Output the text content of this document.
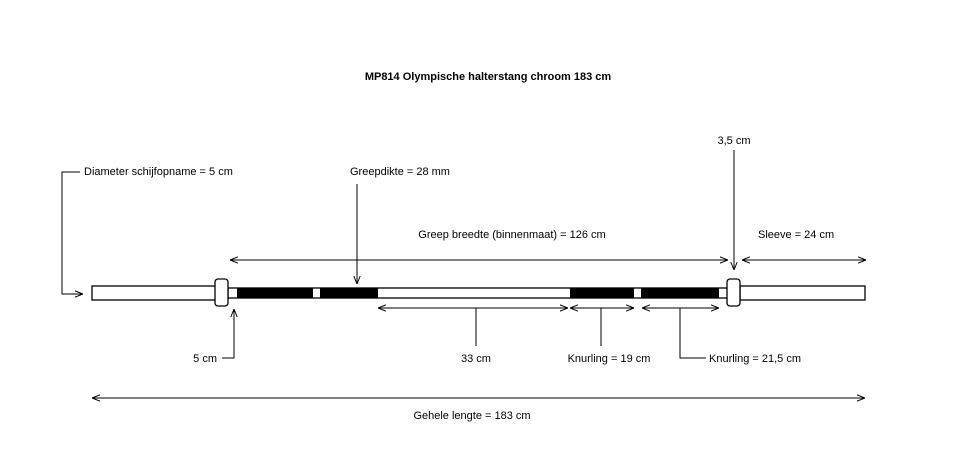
MP814 Olympische halterstang chroom 183 cm
Diameter schijfopname = 5 cm	Greepdikte = 28 mm
3,5 cm
Greep breedte (binnenmaat) = 126 cm	Sleeve = 24 cm
5 cm	33 cm	Knurling = 19 cm	Knurling = 21,5 cm
Gehele lengte = 183 cm
